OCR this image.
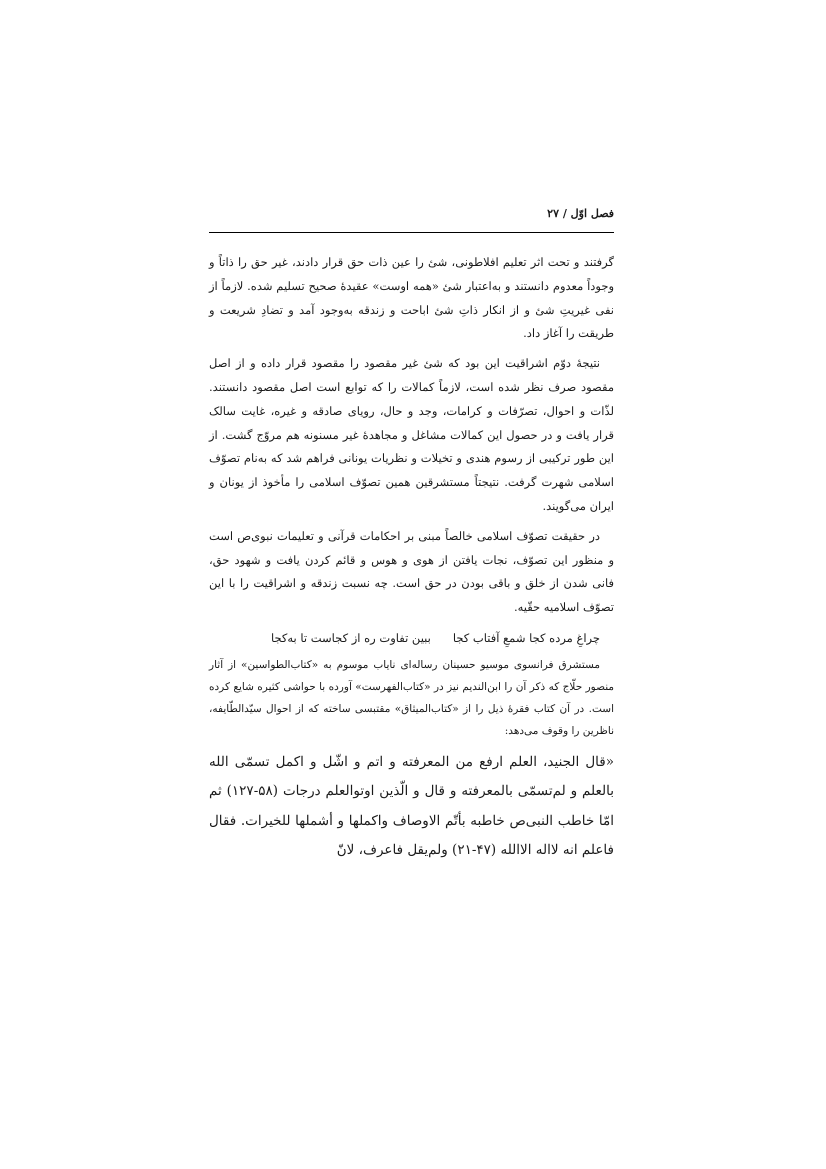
فصل اوّل / ۲۷

گرفتند و تحت اثر تعليم افلاطونی، شئ را عين ذات حق قرار دادند، غير حق را ذاتاً و وجوداً معدوم دانستند و به‌اعتبار شئ «همه اوست» عقيدهٔ صحيح تسليم شده. لازماً از نفی غيريتِ شئ و از انکار ذاتِ شئ اباحت و زندقه به‌وجود آمد و تضادِ شريعت و طريقت را آغاز داد.

نتيجهٔ دوّم اشراقيت اين بود که شئ غير مقصود را مقصود قرار داده و از اصل مقصود صرف نظر شده است، لازماً کمالات را که توابع است اصل مقصود دانستند. لذّات و احوال، تصرّفات و کرامات، وجد و حال، رويای صادقه و غيره، غايت سالک قرار يافت و در حصول اين کمالات مشاغل و مجاهدهٔ غير مسنونه هم مروّج گشت. از اين طور ترکيبی از رسوم هندی و تخيلات و نظريات يونانی فراهم شد که به‌نام تصوّف اسلامی شهرت گرفت. نتيجتاً مستشرقين همين تصوّف اسلامی را مأخوذ از يونان و ايران می‌گويند.

در حقيقت تصوّف اسلامی خالصاً مبنی بر احکامات قرآنی و تعليمات نبوی‌ص است و منظور اين تصوّف، نجات يافتن از هوی و هوس و قائم کردن يافت و شهود حق، فانی شدن از خلق و باقی بودن در حق است. چه نسبت زندقه و اشراقيت را با اين تصوّف اسلاميه حقّيه.

چراغِ مرده کجا شمعِ آفتاب کجا
ببين تفاوت ره از کجاست تا به‌کجا

مستشرق فرانسوی موسيو حسينان رساله‌ای ناياب موسوم به «کتاب‌الطواسين» از آثار منصور حلّاج که ذکر آن را ابن‌النديم نيز در «کتاب‌الفهرست» آورده با حواشی کثيره شايع کرده است. در آن کتاب فقرهٔ ذيل را از «کتاب‌الميثاق» مقتبسی ساخته که از احوال سيّدالطّايفه، ناظرين را وقوف می‌دهد:

«قال الجنيد، العلم ارفع من المعرفته و اتم و اشّل و اکمل تسمّى الله بالعلم و لم‌تسمّى بالمعرفته و قال و الّذين اوتوالعلم درجات (۵۸-۱۲۷) ثم امّا خاطب النبی‌ص خاطبه بأتّم الاوصاف واکملها و أشملها للخيرات. فقال فاعلم انه لااله الاالله (۴۷-۲۱) ولم‌يقل فاعرف، لانّ
